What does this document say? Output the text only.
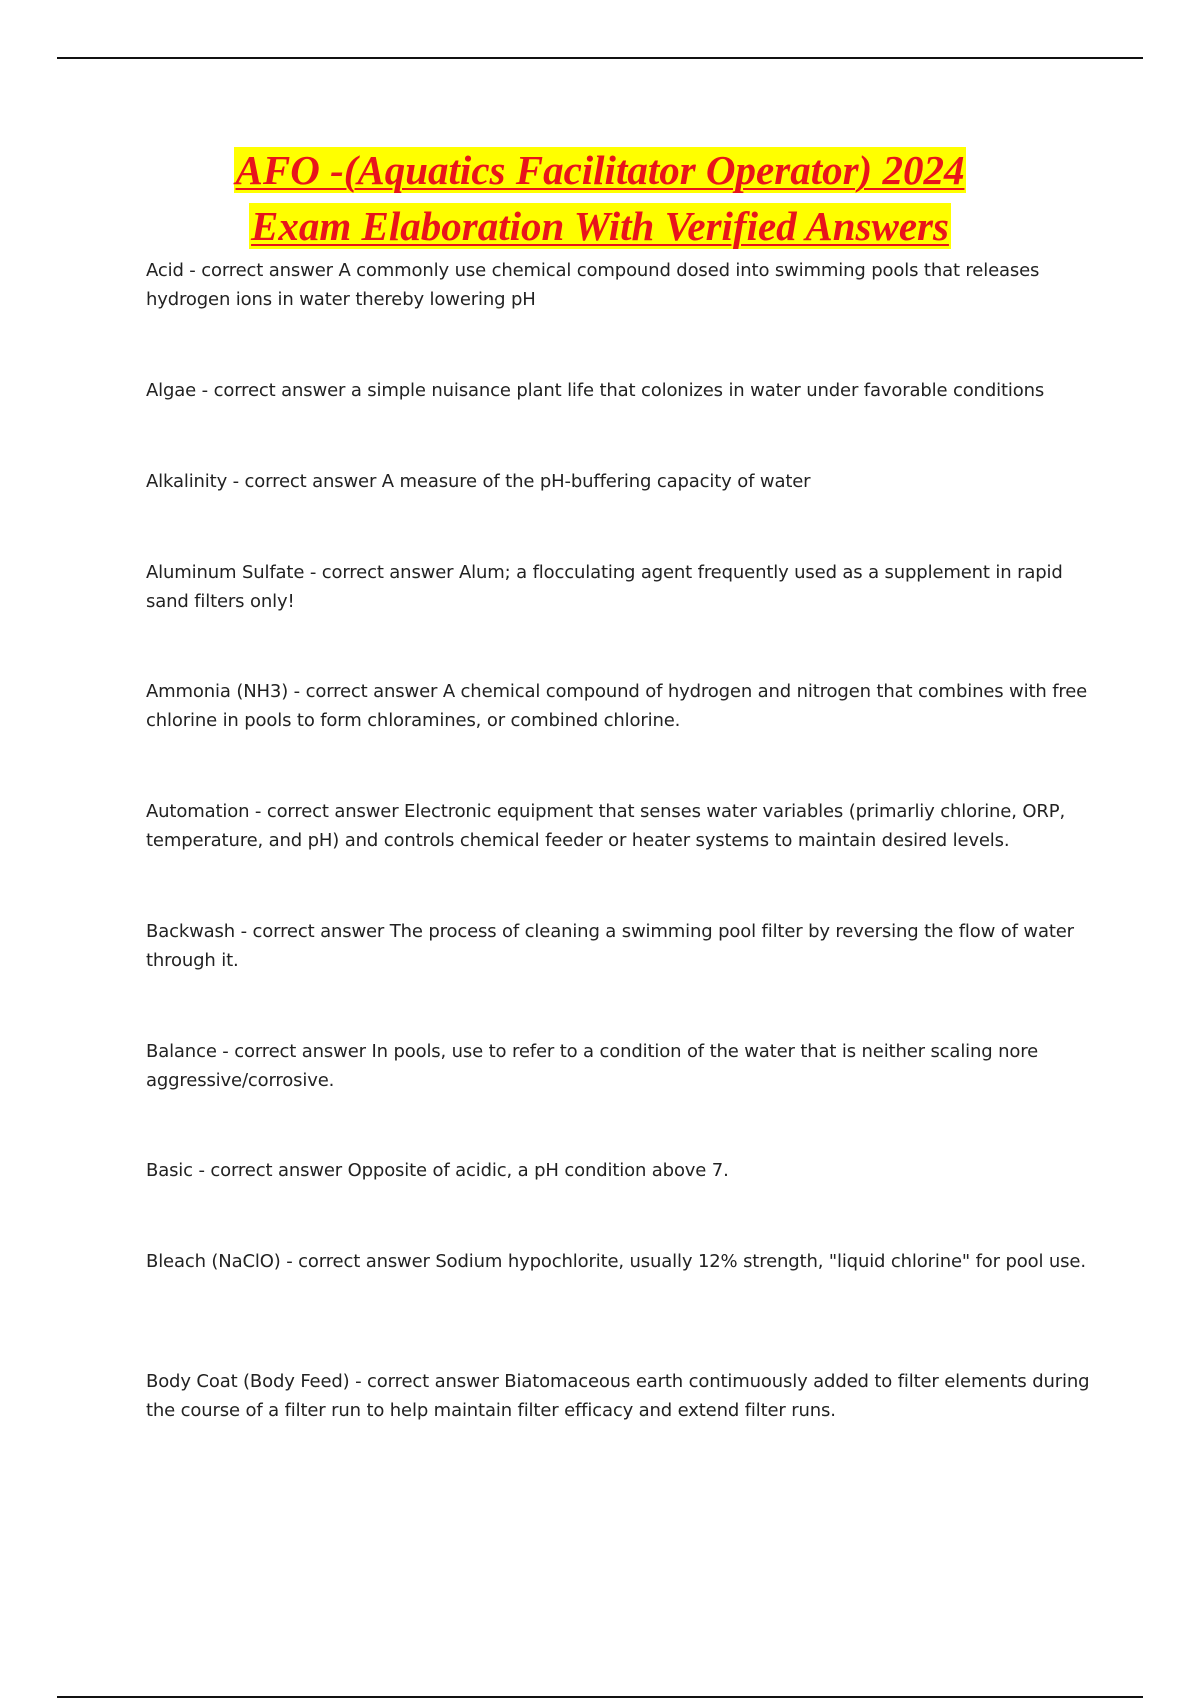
AFO -(Aquatics Facilitator Operator) 2024
Exam Elaboration With Verified Answers

Acid - correct answer A commonly use chemical compound dosed into swimming pools that releases hydrogen ions in water thereby lowering pH

Algae - correct answer a simple nuisance plant life that colonizes in water under favorable conditions

Alkalinity - correct answer A measure of the pH-buffering capacity of water

Aluminum Sulfate - correct answer Alum; a flocculating agent frequently used as a supplement in rapid sand filters only!

Ammonia (NH3) - correct answer A chemical compound of hydrogen and nitrogen that combines with free chlorine in pools to form chloramines, or combined chlorine.

Automation - correct answer Electronic equipment that senses water variables (primarliy chlorine, ORP, temperature, and pH) and controls chemical feeder or heater systems to maintain desired levels.

Backwash - correct answer The process of cleaning a swimming pool filter by reversing the flow of water through it.

Balance - correct answer In pools, use to refer to a condition of the water that is neither scaling nore aggressive/corrosive.

Basic - correct answer Opposite of acidic, a pH condition above 7.

Bleach (NaClO) - correct answer Sodium hypochlorite, usually 12% strength, "liquid chlorine" for pool use.

Body Coat (Body Feed) - correct answer Biatomaceous earth contimuously added to filter elements during the course of a filter run to help maintain filter efficacy and extend filter runs.
